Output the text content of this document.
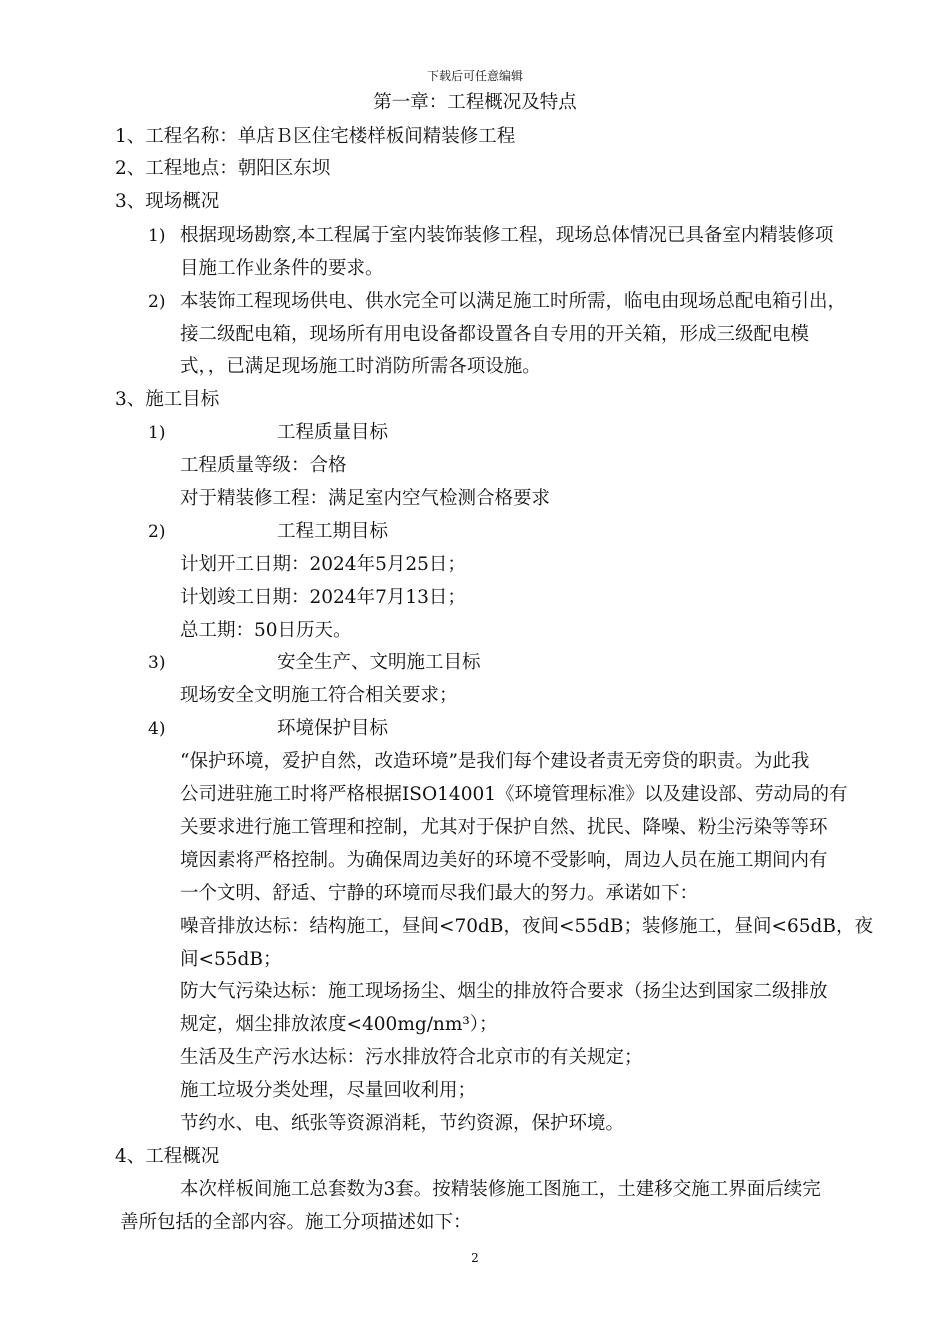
下载后可任意编辑
第一章：工程概况及特点
1、工程名称：单店Ｂ区住宅楼样板间精装修工程
2、工程地点：朝阳区东坝
3、现场概况
1) 根据现场勘察,本工程属于室内装饰装修工程，现场总体情况已具备室内精装修项
目施工作业条件的要求。
2) 本装饰工程现场供电、供水完全可以满足施工时所需，临电由现场总配电箱引出，
接二级配电箱，现场所有用电设备都设置各自专用的开关箱，形成三级配电模
式，，已满足现场施工时消防所需各项设施。
3、施工目标
1)	工程质量目标
工程质量等级：合格
对于精装修工程：满足室内空气检测合格要求
2)	工程工期目标
计划开工日期：2024年5月25日；
计划竣工日期：2024年7月13日；
总工期：50日历天。
3)	安全生产、文明施工目标
现场安全文明施工符合相关要求；
4)	环境保护目标
“保护环境，爱护自然，改造环境”是我们每个建设者责无旁贷的职责。为此我
公司进驻施工时将严格根据ISO14001《环境管理标准》以及建设部、劳动局的有
关要求进行施工管理和控制，尤其对于保护自然、扰民、降噪、粉尘污染等等环
境因素将严格控制。为确保周边美好的环境不受影响，周边人员在施工期间内有
一个文明、舒适、宁静的环境而尽我们最大的努力。承诺如下：
噪音排放达标：结构施工，昼间<70dB，夜间<55dB；装修施工，昼间<65dB，夜
间<55dB；
防大气污染达标：施工现场扬尘、烟尘的排放符合要求（扬尘达到国家二级排放
规定，烟尘排放浓度<400mg/nm³）；
生活及生产污水达标：污水排放符合北京市的有关规定；
施工垃圾分类处理，尽量回收利用；
节约水、电、纸张等资源消耗，节约资源，保护环境。
4、工程概况
本次样板间施工总套数为3套。按精装修施工图施工，土建移交施工界面后续完
善所包括的全部内容。施工分项描述如下：
2
